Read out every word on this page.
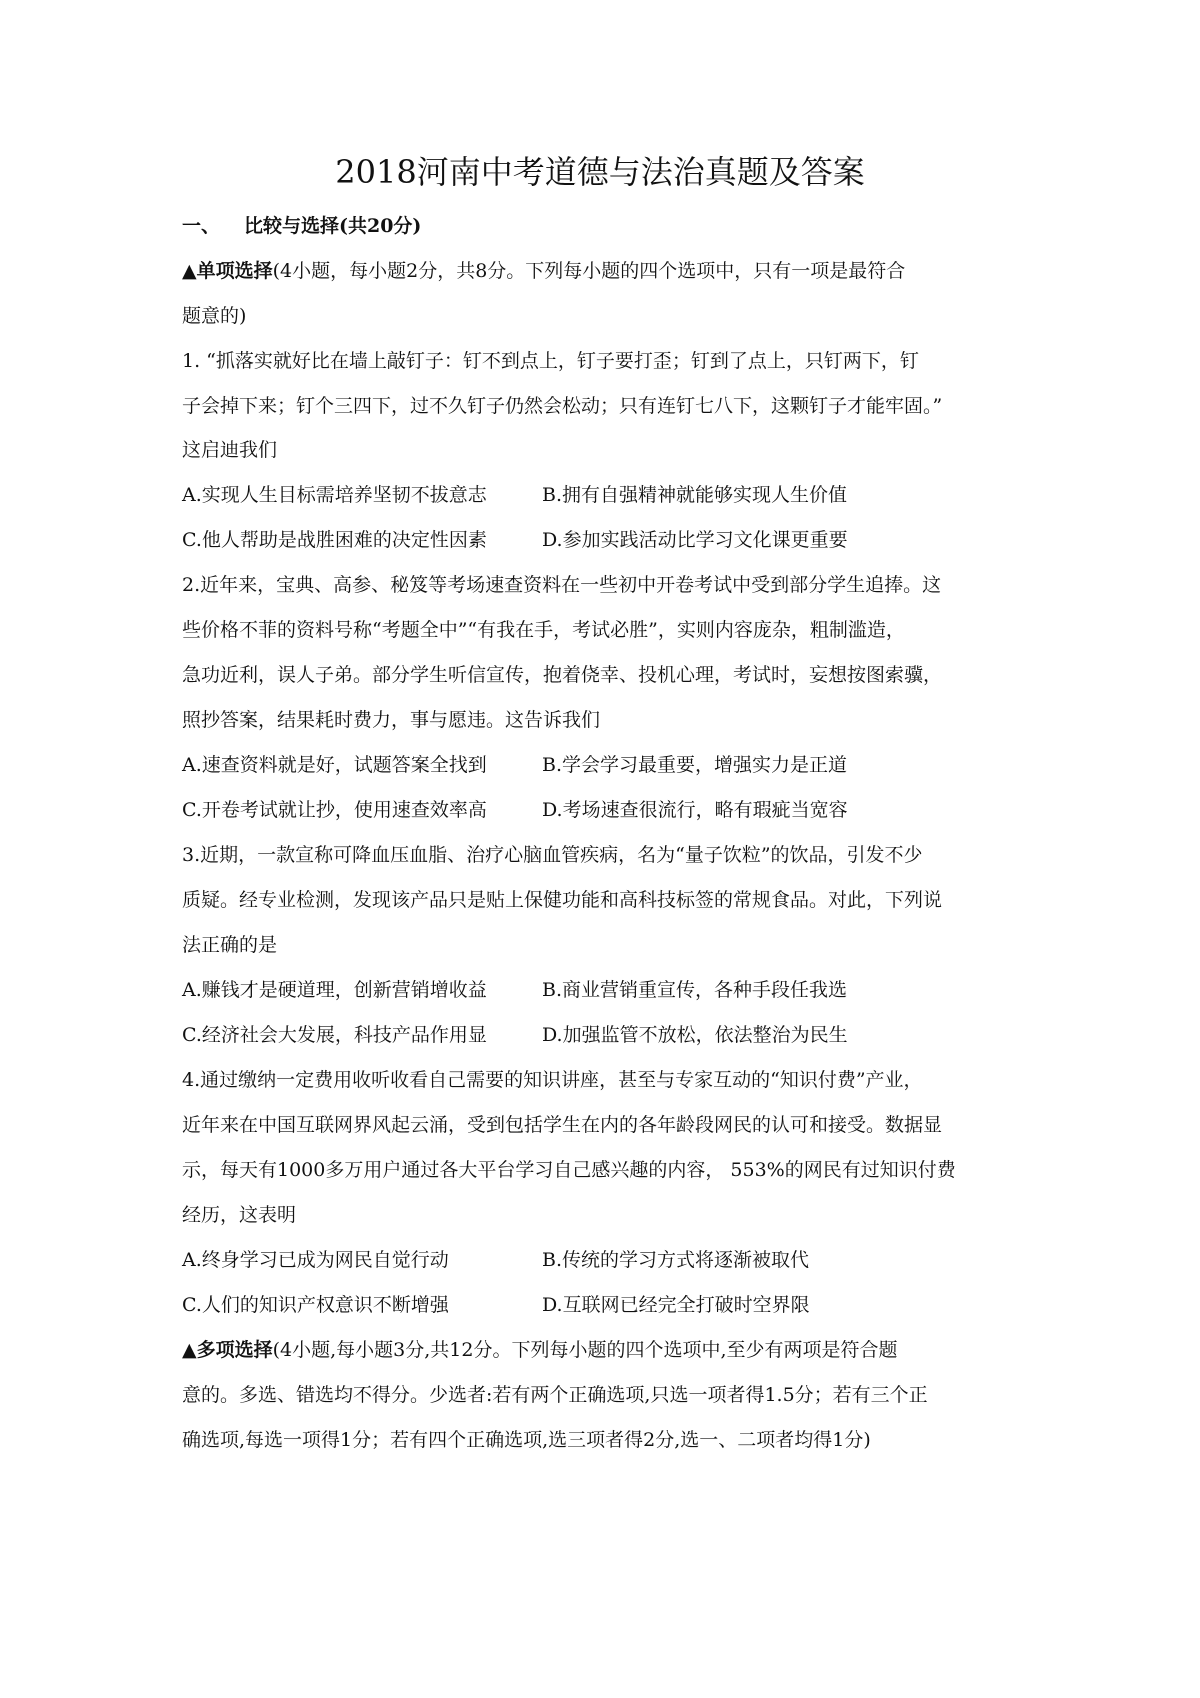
2018河南中考道德与法治真题及答案
一、 比较与选择(共20分)
▲单项选择(4小题，每小题2分，共8分。下列每小题的四个选项中，只有一项是最符合
题意的)
1. “抓落实就好比在墙上敲钉子：钉不到点上，钉子要打歪；钉到了点上，只钉两下，钉
子会掉下来；钉个三四下，过不久钉子仍然会松动；只有连钉七八下，这颗钉子才能牢固。”
这启迪我们
A.实现人生目标需培养坚韧不拔意志	B.拥有自强精神就能够实现人生价值
C.他人帮助是战胜困难的决定性因素	D.参加实践活动比学习文化课更重要
2.近年来，宝典、高参、秘笈等考场速查资料在一些初中开卷考试中受到部分学生追捧。这
些价格不菲的资料号称“考题全中”“有我在手，考试必胜”，实则内容庞杂，粗制滥造，
急功近利，误人子弟。部分学生听信宣传，抱着侥幸、投机心理，考试时，妄想按图索骥，
照抄答案，结果耗时费力，事与愿违。这告诉我们
A.速查资料就是好，试题答案全找到	B.学会学习最重要，增强实力是正道
C.开卷考试就让抄，使用速查效率高	D.考场速查很流行，略有瑕疵当宽容
3.近期，一款宣称可降血压血脂、治疗心脑血管疾病，名为“量子饮粒”的饮品，引发不少
质疑。经专业检测，发现该产品只是贴上保健功能和高科技标签的常规食品。对此，下列说
法正确的是
A.赚钱才是硬道理，创新营销增收益	B.商业营销重宣传，各种手段任我选
C.经济社会大发展，科技产品作用显	D.加强监管不放松，依法整治为民生
4.通过缴纳一定费用收听收看自己需要的知识讲座，甚至与专家互动的“知识付费”产业，
近年来在中国互联网界风起云涌，受到包括学生在内的各年龄段网民的认可和接受。数据显
示，每天有1000多万用户通过各大平台学习自己感兴趣的内容， 553%的网民有过知识付费
经历，这表明
A.终身学习已成为网民自觉行动	B.传统的学习方式将逐渐被取代
C.人们的知识产权意识不断增强	D.互联网已经完全打破时空界限
▲多项选择(4小题,每小题3分,共12分。下列每小题的四个选项中,至少有两项是符合题
意的。多选、错选均不得分。少选者:若有两个正确选项,只选一项者得1.5分；若有三个正
确选项,每选一项得1分；若有四个正确选项,选三项者得2分,选一、二项者均得1分)
